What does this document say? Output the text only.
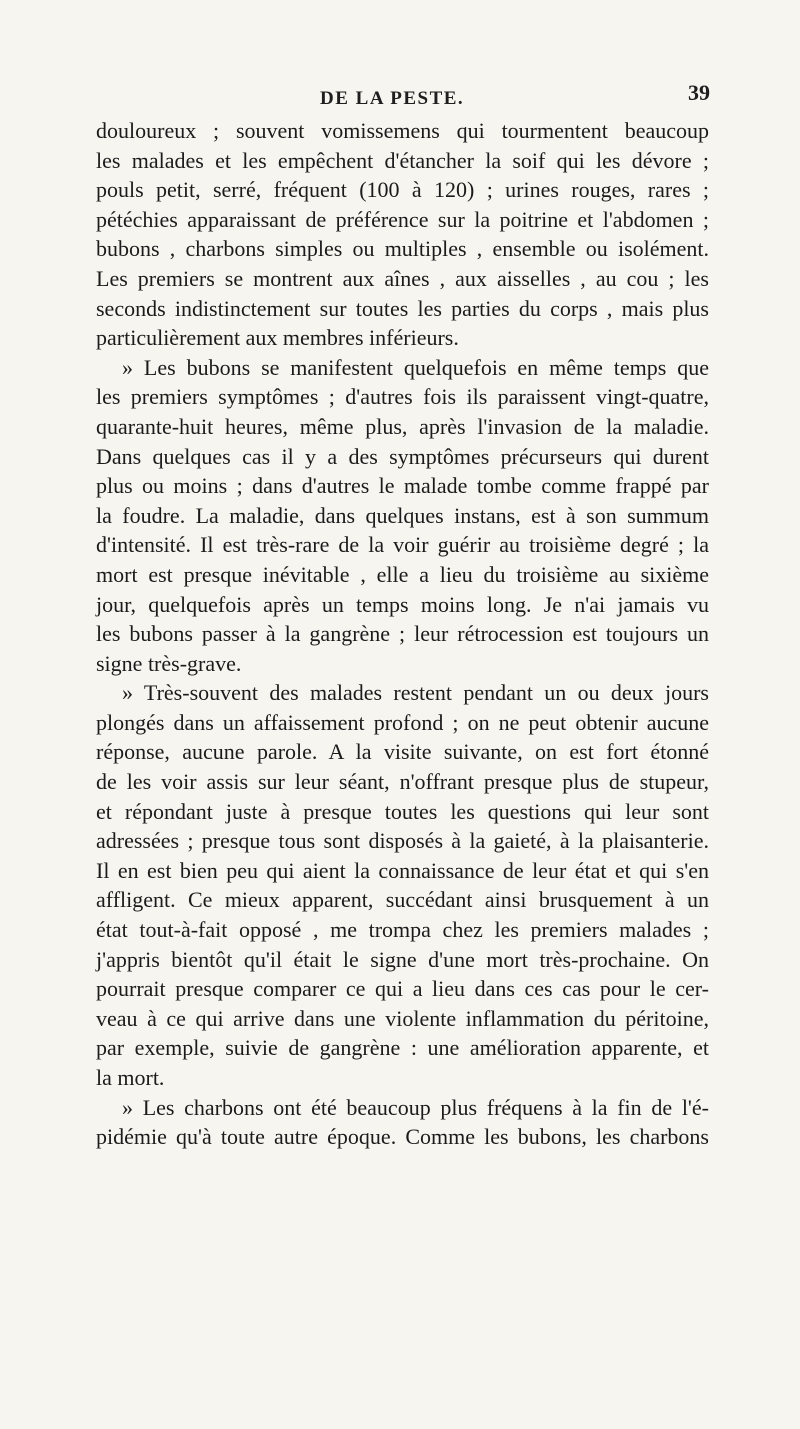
DE LA PESTE.	39
douloureux ; souvent vomissemens qui tourmentent beaucoup
les malades et les empêchent d'étancher la soif qui les dévore ;
pouls petit, serré, fréquent (100 à 120) ; urines rouges, rares ;
pétéchies apparaissant de préférence sur la poitrine et l'abdomen ;
bubons , charbons simples ou multiples , ensemble ou isolément.
Les premiers se montrent aux aînes , aux aisselles , au cou ; les
seconds indistinctement sur toutes les parties du corps , mais plus
particulièrement aux membres inférieurs.
» Les bubons se manifestent quelquefois en même temps que
les premiers symptômes ; d'autres fois ils paraissent vingt-quatre,
quarante-huit heures, même plus, après l'invasion de la maladie.
Dans quelques cas il y a des symptômes précurseurs qui durent
plus ou moins ; dans d'autres le malade tombe comme frappé par
la foudre. La maladie, dans quelques instans, est à son summum
d'intensité. Il est très-rare de la voir guérir au troisième degré ; la
mort est presque inévitable , elle a lieu du troisième au sixième
jour, quelquefois après un temps moins long. Je n'ai jamais vu
les bubons passer à la gangrène ; leur rétrocession est toujours un
signe très-grave.
» Très-souvent des malades restent pendant un ou deux jours
plongés dans un affaissement profond ; on ne peut obtenir aucune
réponse, aucune parole. A la visite suivante, on est fort étonné
de les voir assis sur leur séant, n'offrant presque plus de stupeur,
et répondant juste à presque toutes les questions qui leur sont
adressées ; presque tous sont disposés à la gaieté, à la plaisanterie.
Il en est bien peu qui aient la connaissance de leur état et qui s'en
affligent. Ce mieux apparent, succédant ainsi brusquement à un
état tout-à-fait opposé , me trompa chez les premiers malades ;
j'appris bientôt qu'il était le signe d'une mort très-prochaine. On
pourrait presque comparer ce qui a lieu dans ces cas pour le cer-
veau à ce qui arrive dans une violente inflammation du péritoine,
par exemple, suivie de gangrène : une amélioration apparente, et
la mort.
» Les charbons ont été beaucoup plus fréquens à la fin de l'é-
pidémie qu'à toute autre époque. Comme les bubons, les charbons
